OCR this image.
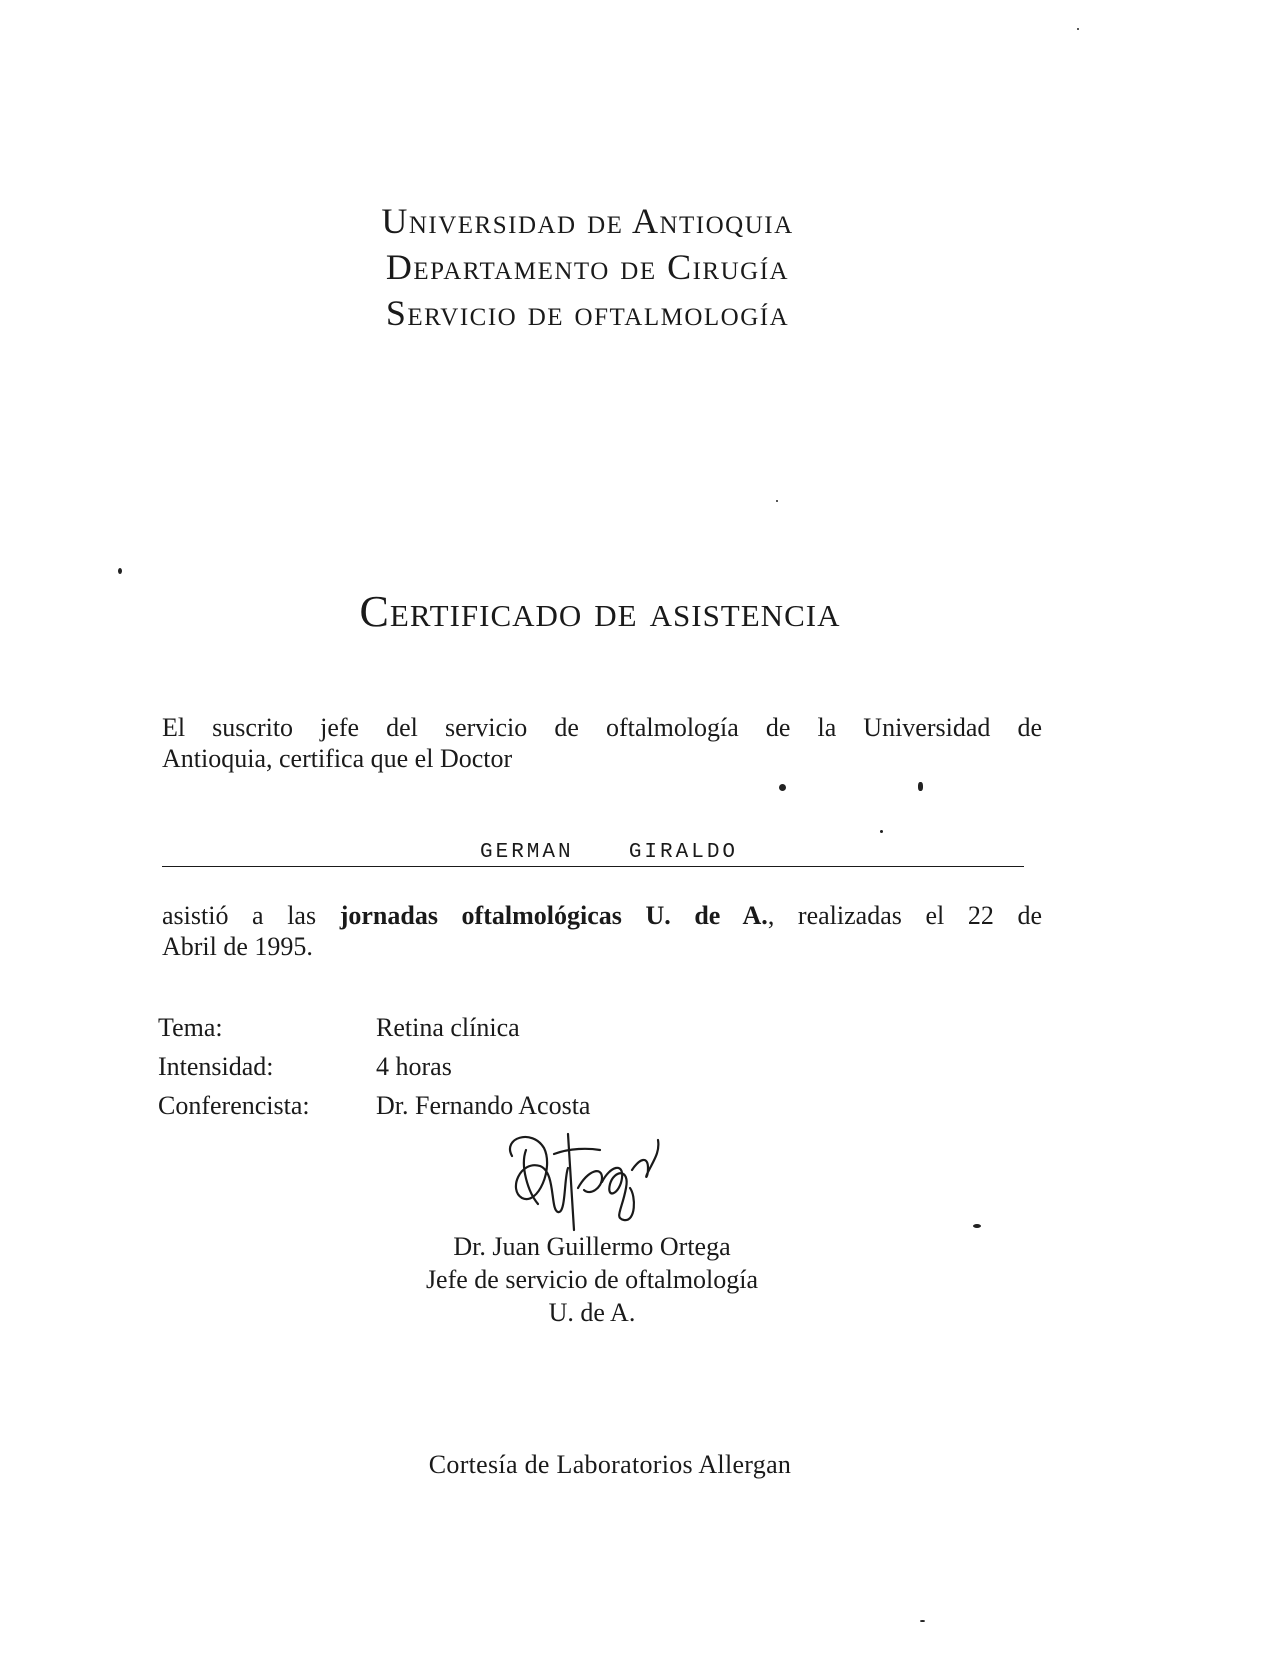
Universidad de Antioquia
Departamento de Cirugía
Servicio de oftalmología
Certificado de asistencia
El suscrito jefe del servicio de oftalmología de la Universidad de
Antioquia, certifica que el Doctor
GERMAN  GIRALDO
asistió a las jornadas oftalmológicas U. de A., realizadas el 22 de
Abril de 1995.
Tema:	Retina clínica
Intensidad:	4 horas
Conferencista:	Dr. Fernando Acosta
Dr. Juan Guillermo Ortega
Jefe de servicio de oftalmología
U. de A.
Cortesía de Laboratorios Allergan
